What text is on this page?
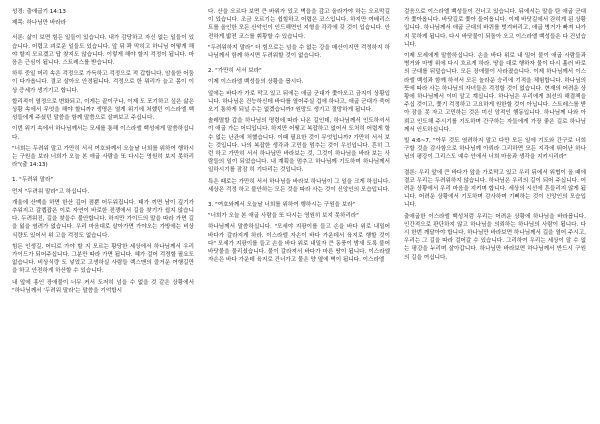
성경: 출애굽기 14:13

제목: 하나님만 바라라

서론: 삶이 보면 힘든 일들이 있습니다. 내가 감당하고 자신 없는 일들이 있습니다. 어렵고 괴로운 일들도 있습니다. 앞 뒤 꽉 막히고 하니님 어떻게 해야 할지 모르겠고 답 찾지도 않습니다. 이렇게 해야 할지 걱정이 됩니다. 마음은 근심이 됩니다. 스트레스를 받습니다.

하루 중일 머리 속은 걱정으로 가득하고 걱정으로 적 갑합니다. 암울한 어둠이 다가옵니다. 결코 살아오 안정됩니다. 걱정으로 한 뭐리가 늘고 몸이 이상 증세가 생기기고 합니다.

합리적이 열정으로 변화되고, 이게는 끝이구나, 이제 도 포기하고 싶은 삶은 상황 속에서 무엇을 해야 할니까? 생명은 열게 위기에 처했던 이스라엘 백성들에게 주셨던 말씀을 함께 말씀으로 살펴보고 주십니다.

이번 위기 속에서 하나님께서는 모세를 통해 이스라엘 백성에게 말씀하십니다.

"너희는 두려워 말고 가만히 서서 여호와께서 오늘날 너희를 위하여 행하시는 구원을 보라 너희가 오늘 본 애굽 사람을 또 다시는 영원히 보지 못하리라"(출 14:13)

1. "두려워 말라"

먼저 "두려워 말라"고 하십니다.

개울에 산맥을 하면 한산 깊어 점뿐 어두워집니다. 태가 끼면 남이 깊기가 추워지고 갈렙잡은 이로 자연이 바로한 전쟁에서 길을 찾기가 쉽지 않습니다. 두려워진, 길을 찾을수 불안합니다. 하지만 가이드의 말을 따라 가면 길을 잃을 염려가 없습니다. 우리 마음대로 살아가면 가야오는 가방에는 비상식량도 있어서 위 고을 걱정도 없습니다.

힘든 인생길, 어디로 가야 할 지 모르는 황당한 세상에서 하나님께서 우리 가이드가 되어주십니다. 그분만 따라 가면 됩니다. 혜가 걸어 걱정할 필요도 없습니다. 비상식량 도 넣었고 고생하실 사람들 렉스맨의 즐거운 여행길만을 하고 안전하게 하산할 수 있습니다.

내 앞에 홍인 장애물이 너무 커서 도저히 넘을 수 없을 것 같은 상황에서 "하나님께서 '두려워 말라'는 말씀을 기억합시

다. 산을 오르다 보면 큰 바위가 있고 벽을을 갚고 올라가야 하는 오르막길이 있습니다. 조금 오르기는 쉽힐하고 어렵은 코스입니다. 하지만 여배리스트를 올인한 모든 산악인이 인드해면인 지형을 각각에 갖 것이 입습니다. 안전하게 밟전 코스를 휘황할 수 있습니다.

"두려워하지 말라" 더 힘으로는 넘을 수 없는 강을 매산이지만 걱정하지 하나님께서 함께 하시면 두려워할 것이 없습니다.

2. "가만히 서서 보라"

이제 이스라엘 백성들의 상황을 봅시다.

앞에는 바다가 가로 막고 있고 뒤에는 애굽 군대가 쫓아오고 금지이 상황입니다. 하나님은 건능하신데 바다를 열어주실 겁에 하나고, 애굽 군대가 죽어오기 통하게 되널 수는 없겠습니까? 원망도 생기고 절망하게 됩니다.

솔레멸할 갑을 하나님의 명령에 따라 나온 길인데, 하나님께서 인도하셔서 이 애굽 가는 어디입니다. 하지만 어떻고 복잡하고 없어서 도처히 어렵게 할 수 없는 난관에 처했습니다. 이때 필요한 것이 무엇입니까? 가만히 서서 보는 것입니다. 나의 복잡한 생각과 고민을 멈추는 것이 우선입니다. 흔히 그런 하고 가만히 서서 하나님만 바라보는 것, 그것이 하나님을 바라 보는 사람들의 일이 되었습니다. 내 계획을 멈추고 하나님께 기도하며 하나님께서 일하시기를 잠잠 히 기다리는 것입니다.

특은 때로는 가만히 서서 하나님을 바라보 하나님이 그 일을 크게 하십니다. 세상은 걱정 하고 불안하는 모든 것을 따라 사는 것이 신앙인의 모습입니다.

3. "여호와께서 오늘날 너희를 위하여 행하시는 구원을 보라"

"너희가 오늘 본 애굽 사람을 또 다시는 영원히 보지 못하리라"

하나님께서 말씀하십니다. "모세야 지팡이를 들고 손을 바다 위로 내밀어 바다가 갈라지게 하라. 이스라엘 자손이 바다 가운데서 육지로 행할 것이다" 모세가 지팡이를 들고 손을 바다 위로 내밀자 큰 동풍이 밤새 도록 불어 바닷물을 물리셨습니다. 물이 갈라져서 바다가 마른 땅이 됩니다. 이스라엘 자손은 바다 가운데 육지로 건너가고 물은 양 옆에 벽이 됩니다. 이스라엘

걸음으로 이스라엘 백성들이 건너고 있습니다. 뒤에서는 말을 탄 애굽 군대가 쫓아옵니다. 바닷길로 쫓아 들어옵니다. 이제 바닷길에서 갇히게 된 상황입니다. 하나님께서 애굽 군대의 바퀴를 벗겨버리고, 애굽 병거가 빠져 나가지 못하게 됩니다. 다시 바닷물이 되돌아 오고 이스라엘 백성들은 다 건넜습니다.

이제 모세에게 말씀하십니다. 손을 바다 위로 내 밀어 물이 애굽 사람들과 병거와 마병 위에 다시 흐르게 하라. 땅을 대로 행하자 물이 다시 흘러 바로의 군대를 뒤덮습니다. 모든 장애물이 사라졌습니다. 이제 하나님께서 이스라엘 백성과 함께 하셔서 모든 놀라운 승리에 기적을 체험합니다. 하나님의 뜻에 따라 사는 하나님의 자녀들은 걱정할 것이 없습니다. 현재의 어려운 상황에 하나님께서 이미 알고 계십니다. 하나님은 우리에게 최선의 해결책을 주십 것이고, 쫓기 걱정하고 고요하게 원한할 것이 아닙니다. 스트레스를 받아 잠을 못 자고 고민하는 것은 미신 앙적인 행동입니다. 하나님께 나와 아뢰고 인도해 주시기를 기도하며 간구하는 자들에게 가장 좋은 길로 하나님께서 인도하십니다.

빌 4:6~7, "아무 것도 염려하지 말고 다만 모든 일에 기도와 간구로 너희 구할 것을 감사함으로 하나님께 아뢰라 그리하면 모든 지각에 뛰어난 하나님의 평강이 그리스도 예수 안에서 너희 마음과 생각을 지키시리라"

결론: 우리 앞에 큰 바다가 앞을 가로막고 있고 우리 뒤에서 위협이 올 때에 결코 우리는 두려워하지 않습니다. 하나님은 우리의 길이 되어 주십니다. 어려운 상황에서 우리 마음을 지키며 합니다. 세상의 시선에 흔들리지 않게 됩니다. 어려운 상황에서 기도하며 감사하며 기뻐하는 것이 신앙인의 모습입니다.

출애굽한 이스라엘 백성처럼 우리는 어려운 상황에 하나님을 바라봅니다. 인간적으로 판단하지 않고 하나님을 의뢰하는 하나님의 사람이 됩니다. 다시 한번 깨달아야 합니다. 하나님만 바라보면 하나님께서 길을 열어 주시고, 우리는 그 길을 따라 걸어갈 수 있습니다. 그리하여 우리는 세상이 알 수 없는 평강을 누리며 살아갑니다. 하나님만 바라보면 하나님께서 반드시 구원의 길을 여십니다.
